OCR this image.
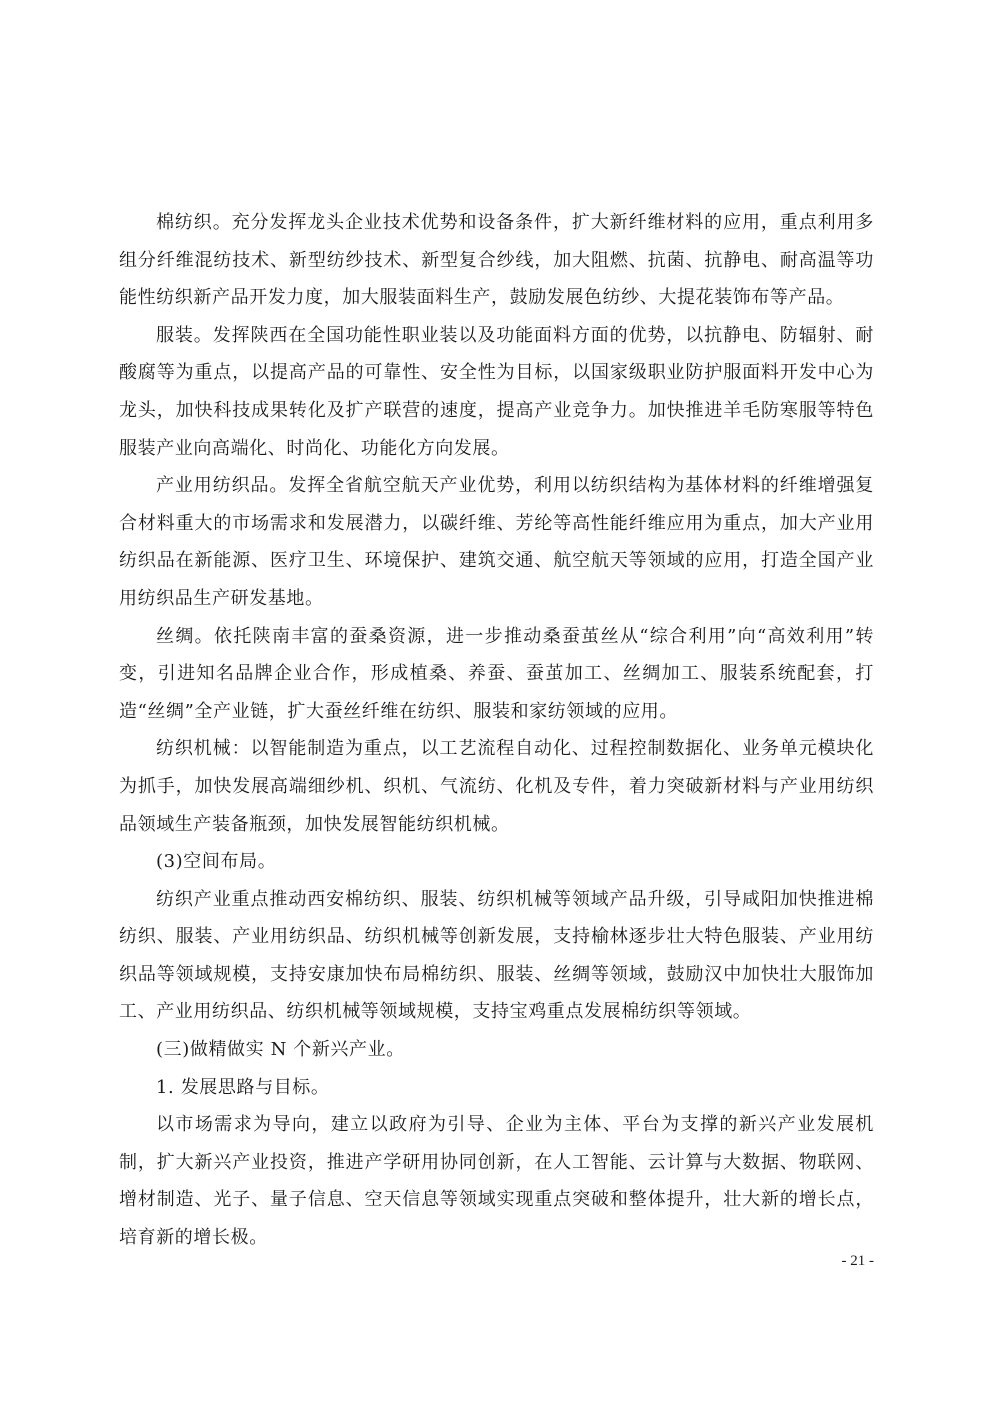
棉纺织。充分发挥龙头企业技术优势和设备条件，扩大新纤维材料的应用，重点利用多组分纤维混纺技术、新型纺纱技术、新型复合纱线，加大阻燃、抗菌、抗静电、耐高温等功能性纺织新产品开发力度，加大服装面料生产，鼓励发展色纺纱、大提花装饰布等产品。

服装。发挥陕西在全国功能性职业装以及功能面料方面的优势，以抗静电、防辐射、耐酸腐等为重点，以提高产品的可靠性、安全性为目标，以国家级职业防护服面料开发中心为龙头，加快科技成果转化及扩产联营的速度，提高产业竞争力。加快推进羊毛防寒服等特色服装产业向高端化、时尚化、功能化方向发展。

产业用纺织品。发挥全省航空航天产业优势，利用以纺织结构为基体材料的纤维增强复合材料重大的市场需求和发展潜力，以碳纤维、芳纶等高性能纤维应用为重点，加大产业用纺织品在新能源、医疗卫生、环境保护、建筑交通、航空航天等领域的应用，打造全国产业用纺织品生产研发基地。

丝绸。依托陕南丰富的蚕桑资源，进一步推动桑蚕茧丝从“综合利用”向“高效利用”转变，引进知名品牌企业合作，形成植桑、养蚕、蚕茧加工、丝绸加工、服装系统配套，打造“丝绸”全产业链，扩大蚕丝纤维在纺织、服装和家纺领域的应用。

纺织机械：以智能制造为重点，以工艺流程自动化、过程控制数据化、业务单元模块化为抓手，加快发展高端细纱机、织机、气流纺、化机及专件，着力突破新材料与产业用纺织品领域生产装备瓶颈，加快发展智能纺织机械。

(3)空间布局。

纺织产业重点推动西安棉纺织、服装、纺织机械等领域产品升级，引导咸阳加快推进棉纺织、服装、产业用纺织品、纺织机械等创新发展，支持榆林逐步壮大特色服装、产业用纺织品等领域规模，支持安康加快布局棉纺织、服装、丝绸等领域，鼓励汉中加快壮大服饰加工、产业用纺织品、纺织机械等领域规模，支持宝鸡重点发展棉纺织等领域。

(三)做精做实 N 个新兴产业。

1. 发展思路与目标。

以市场需求为导向，建立以政府为引导、企业为主体、平台为支撑的新兴产业发展机制，扩大新兴产业投资，推进产学研用协同创新，在人工智能、云计算与大数据、物联网、增材制造、光子、量子信息、空天信息等领域实现重点突破和整体提升，壮大新的增长点，培育新的增长极。

- 21 -
